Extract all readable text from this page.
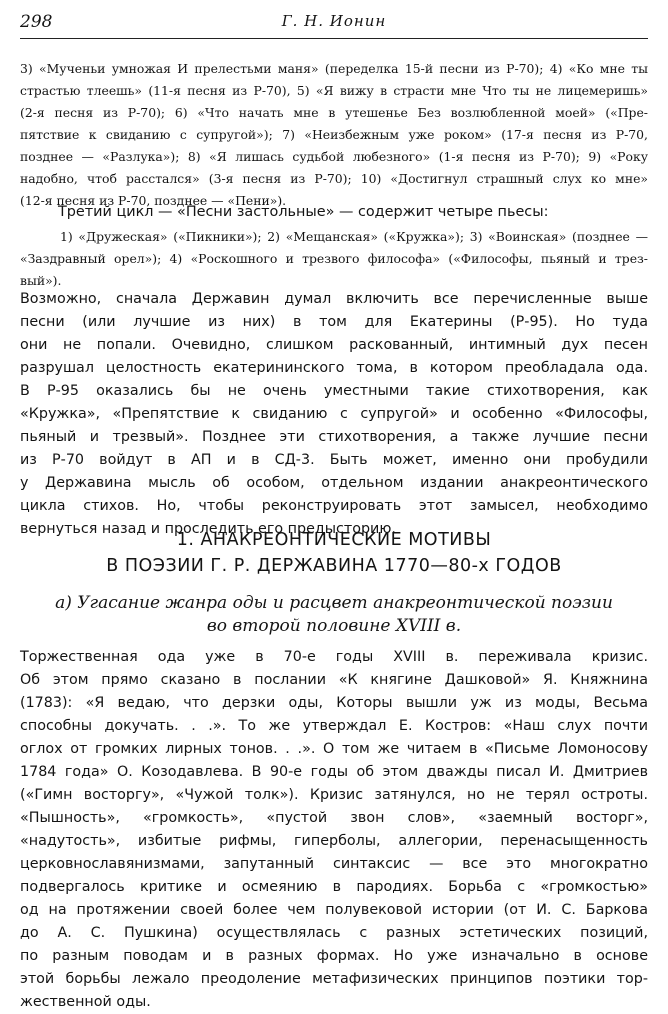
298	Г. Н. Ионин
3) «Мученьи умножая И прелестьми маня» (переделка 15-й песни из Р-70); 4) «Ко мне ты
страстью тлеешь» (11-я песня из Р-70), 5) «Я вижу в страсти мне Что ты не лицемеришь»
(2-я песня из Р-70); 6) «Что начать мне в утешенье Без возлюбленной моей» («Пре-
пятствие к свиданию с супругой»); 7) «Неизбежным уже роком» (17-я песня из Р-70,
позднее — «Разлука»); 8) «Я лишась судьбой любезного» (1-я песня из Р-70); 9) «Року
надобно, чтоб расстался» (3-я песня из Р-70); 10) «Достигнул страшный слух ко мне»
(12-я песня из Р-70, позднее — «Пени»).
Третий цикл — «Песни застольные» — содержит четыре пьесы:
1) «Дружеская» («Пикники»); 2) «Мещанская» («Кружка»); 3) «Воинская» (позднее —
«Заздравный орел»); 4) «Роскошного и трезвого философа» («Философы, пьяный и трез-
вый»).
Возможно, сначала Державин думал включить все перечисленные выше
песни (или лучшие из них) в том для Екатерины (Р-95). Но туда
они не попали. Очевидно, слишком раскованный, интимный дух песен
разрушал целостность екатерининского тома, в котором преобладала ода.
В Р-95 оказались бы не очень уместными такие стихотворения, как
«Кружка», «Препятствие к свиданию с супругой» и особенно «Философы,
пьяный и трезвый». Позднее эти стихотворения, а также лучшие песни
из Р-70 войдут в АП и в СД-3. Быть может, именно они пробудили
у Державина мысль об особом, отдельном издании анакреонтического
цикла стихов. Но, чтобы реконструировать этот замысел, необходимо
вернуться назад и проследить его предысторию.
1. АНАКРЕОНТИЧЕСКИЕ МОТИВЫ
В ПОЭЗИИ Г. Р. ДЕРЖАВИНА 1770—80-х ГОДОВ
а) Угасание жанра оды и расцвет анакреонтической поэзии
во второй половине XVIII в.
Торжественная ода уже в 70-е годы XVIII в. переживала кризис.
Об этом прямо сказано в послании «К княгине Дашковой» Я. Княжнина
(1783): «Я ведаю, что дерзки оды, Которы вышли уж из моды, Весьма
способны докучать. . .». То же утверждал Е. Костров: «Наш слух почти
оглох от громких лирных тонов. . .». О том же читаем в «Письме Ломоносову
1784 года» О. Козодавлева. В 90-е годы об этом дважды писал И. Дмитриев
(«Гимн восторгу», «Чужой толк»). Кризис затянулся, но не терял остроты.
«Пышность», «громкость», «пустой звон слов», «заемный восторг»,
«надутость», избитые рифмы, гиперболы, аллегории, перенасыщенность
церковнославянизмами, запутанный синтаксис — все это многократно
подвергалось критике и осмеянию в пародиях. Борьба с «громкостью»
од на протяжении своей более чем полувековой истории (от И. С. Баркова
до А. С. Пушкина) осуществлялась с разных эстетических позиций,
по разным поводам и в разных формах. Но уже изначально в основе
этой борьбы лежало преодоление метафизических принципов поэтики тор-
жественной оды.
